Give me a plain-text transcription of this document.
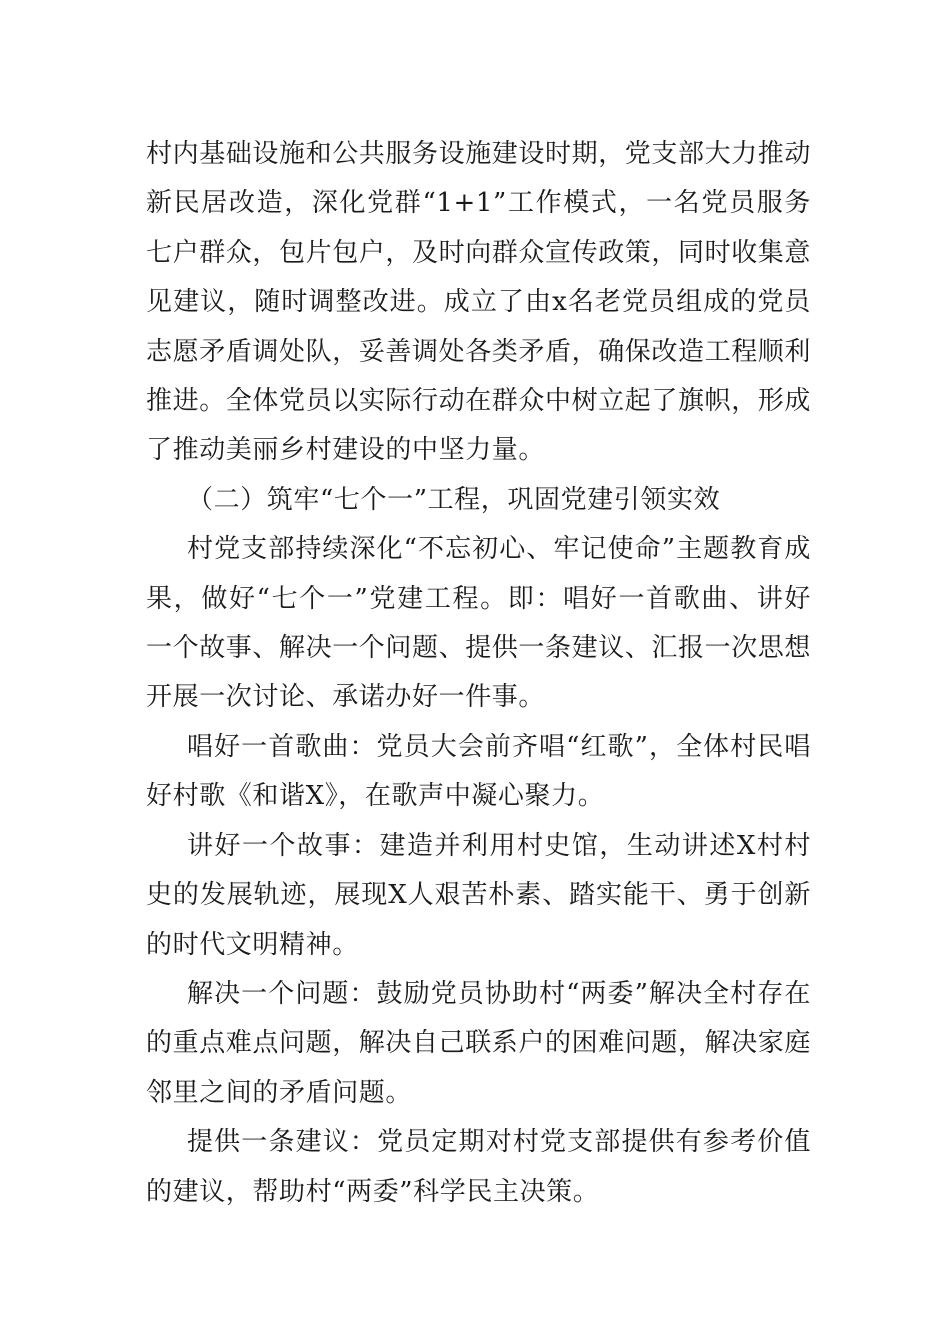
村内基础设施和公共服务设施建设时期，党支部大力推动新民居改造，深化党群“1+1”工作模式，一名党员服务七户群众，包片包户，及时向群众宣传政策，同时收集意见建议，随时调整改进。成立了由x名老党员组成的党员志愿矛盾调处队，妥善调处各类矛盾，确保改造工程顺利推进。全体党员以实际行动在群众中树立起了旗帜，形成了推动美丽乡村建设的中坚力量。

（二）筑牢“七个一”工程，巩固党建引领实效

村党支部持续深化“不忘初心、牢记使命”主题教育成果，做好“七个一”党建工程。即：唱好一首歌曲、讲好一个故事、解决一个问题、提供一条建议、汇报一次思想开展一次讨论、承诺办好一件事。

唱好一首歌曲：党员大会前齐唱“红歌”，全体村民唱好村歌《和谐X》，在歌声中凝心聚力。

讲好一个故事：建造并利用村史馆，生动讲述X村村史的发展轨迹，展现X人艰苦朴素、踏实能干、勇于创新的时代文明精神。

解决一个问题：鼓励党员协助村“两委”解决全村存在的重点难点问题，解决自己联系户的困难问题，解决家庭邻里之间的矛盾问题。

提供一条建议：党员定期对村党支部提供有参考价值的建议，帮助村“两委”科学民主决策。
